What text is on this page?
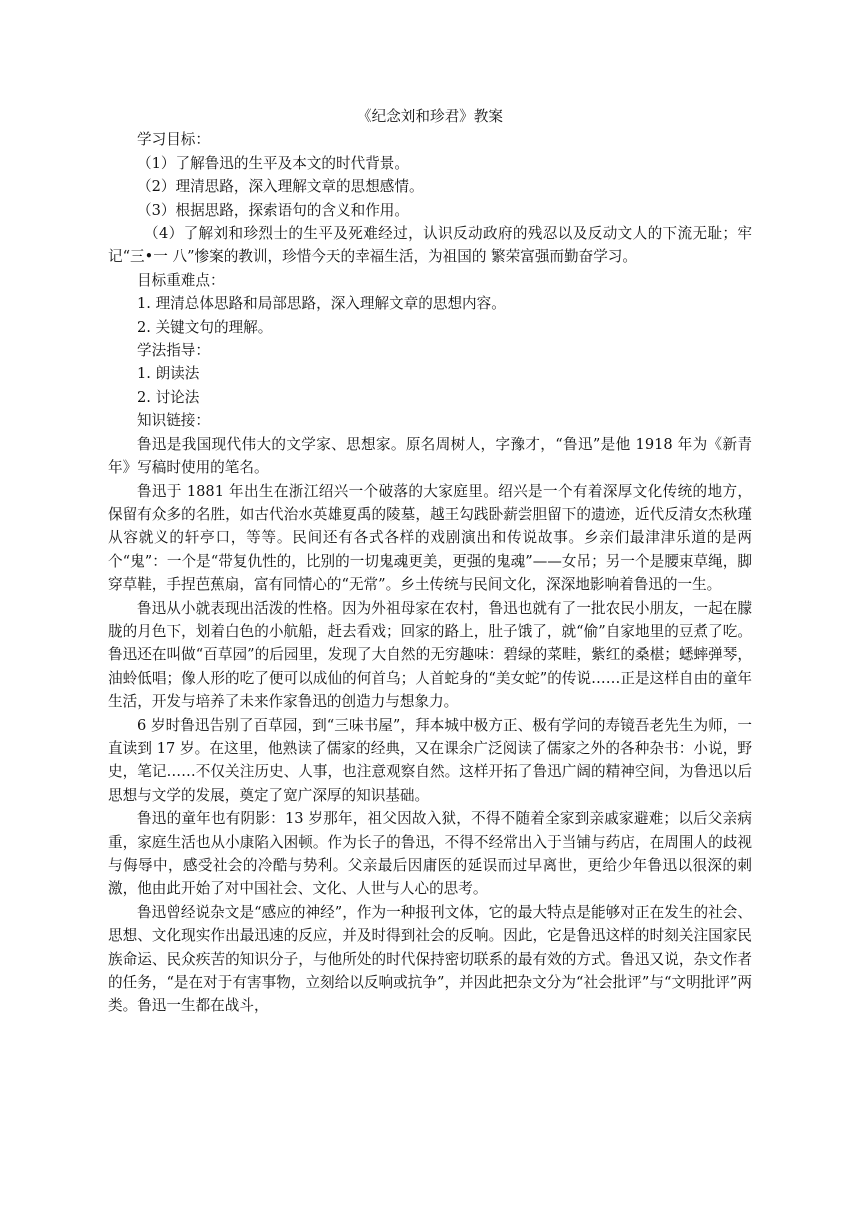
《纪念刘和珍君》教案

学习目标：

（1）了解鲁迅的生平及本文的时代背景。

（2）理清思路，深入理解文章的思想感情。

（3）根据思路，探索语句的含义和作用。

（4）了解刘和珍烈士的生平及死难经过，认识反动政府的残忍以及反动文人的下流无耻；牢记“三•一 八”惨案的教训，珍惜今天的幸福生活，为祖国的 繁荣富强而勤奋学习。

目标重难点：

1. 理清总体思路和局部思路，深入理解文章的思想内容。

2. 关键文句的理解。

学法指导：

1. 朗读法

2. 讨论法

知识链接：

鲁迅是我国现代伟大的文学家、思想家。原名周树人，字豫才，“鲁迅”是他 1918 年为《新青年》写稿时使用的笔名。

鲁迅于 1881 年出生在浙江绍兴一个破落的大家庭里。绍兴是一个有着深厚文化传统的地方，保留有众多的名胜，如古代治水英雄夏禹的陵墓，越王勾践卧薪尝胆留下的遗迹，近代反清女杰秋瑾从容就义的轩亭口，等等。民间还有各式各样的戏剧演出和传说故事。乡亲们最津津乐道的是两个“鬼”：一个是“带复仇性的，比别的一切鬼魂更美，更强的鬼魂”——女吊；另一个是腰束草绳，脚穿草鞋，手捏芭蕉扇，富有同情心的“无常”。乡土传统与民间文化，深深地影响着鲁迅的一生。

鲁迅从小就表现出活泼的性格。因为外祖母家在农村，鲁迅也就有了一批农民小朋友，一起在朦胧的月色下，划着白色的小航船，赶去看戏；回家的路上，肚子饿了，就“偷”自家地里的豆煮了吃。鲁迅还在叫做“百草园”的后园里，发现了大自然的无穷趣味：碧绿的菜畦，紫红的桑椹；蟋蟀弹琴，油蛉低唱；像人形的吃了便可以成仙的何首乌；人首蛇身的“美女蛇”的传说……正是这样自由的童年生活，开发与培养了未来作家鲁迅的创造力与想象力。

6 岁时鲁迅告别了百草园，到“三味书屋”，拜本城中极方正、极有学问的寿镜吾老先生为师，一直读到 17 岁。在这里，他熟读了儒家的经典，又在课余广泛阅读了儒家之外的各种杂书：小说，野史，笔记……不仅关注历史、人事，也注意观察自然。这样开拓了鲁迅广阔的精神空间，为鲁迅以后思想与文学的发展，奠定了宽广深厚的知识基础。

鲁迅的童年也有阴影：13 岁那年，祖父因故入狱，不得不随着全家到亲戚家避难；以后父亲病重，家庭生活也从小康陷入困顿。作为长子的鲁迅，不得不经常出入于当铺与药店，在周围人的歧视与侮辱中，感受社会的冷酷与势利。父亲最后因庸医的延误而过早离世，更给少年鲁迅以很深的刺激，他由此开始了对中国社会、文化、人世与人心的思考。

鲁迅曾经说杂文是“感应的神经”，作为一种报刊文体，它的最大特点是能够对正在发生的社会、思想、文化现实作出最迅速的反应，并及时得到社会的反响。因此，它是鲁迅这样的时刻关注国家民族命运、民众疾苦的知识分子，与他所处的时代保持密切联系的最有效的方式。鲁迅又说，杂文作者的任务，“是在对于有害事物，立刻给以反响或抗争”，并因此把杂文分为“社会批评”与“文明批评”两类。鲁迅一生都在战斗，
